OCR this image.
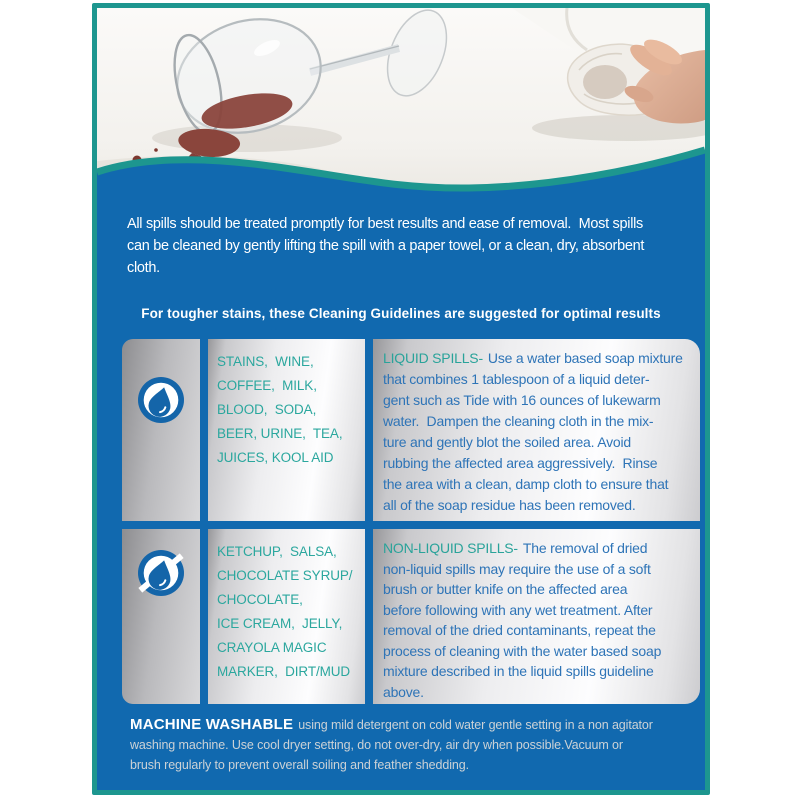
All spills should be treated promptly for best results and ease of removal.  Most spills
can be cleaned by gently lifting the spill with a paper towel, or a clean, dry, absorbent
cloth.
For tougher stains, these Cleaning Guidelines are suggested for optimal results
STAINS,  WINE,
COFFEE,  MILK,
BLOOD,  SODA,
BEER, URINE,  TEA,
JUICES, KOOL AID
LIQUID SPILLS- Use a water based soap mixture
that combines 1 tablespoon of a liquid deter-
gent such as Tide with 16 ounces of lukewarm
water.  Dampen the cleaning cloth in the mix-
ture and gently blot the soiled area. Avoid
rubbing the affected area aggressively.  Rinse
the area with a clean, damp cloth to ensure that
all of the soap residue has been removed.
KETCHUP,  SALSA,
CHOCOLATE SYRUP/
CHOCOLATE,
ICE CREAM,  JELLY,
CRAYOLA MAGIC
MARKER,  DIRT/MUD
NON-LIQUID SPILLS- The removal of dried
non-liquid spills may require the use of a soft
brush or butter knife on the affected area
before following with any wet treatment. After
removal of the dried contaminants, repeat the
process of cleaning with the water based soap
mixture described in the liquid spills guideline
above.
MACHINE WASHABLE using mild detergent on cold water gentle setting in a non agitator
washing machine. Use cool dryer setting, do not over-dry, air dry when possible.Vacuum or
brush regularly to prevent overall soiling and feather shedding.
